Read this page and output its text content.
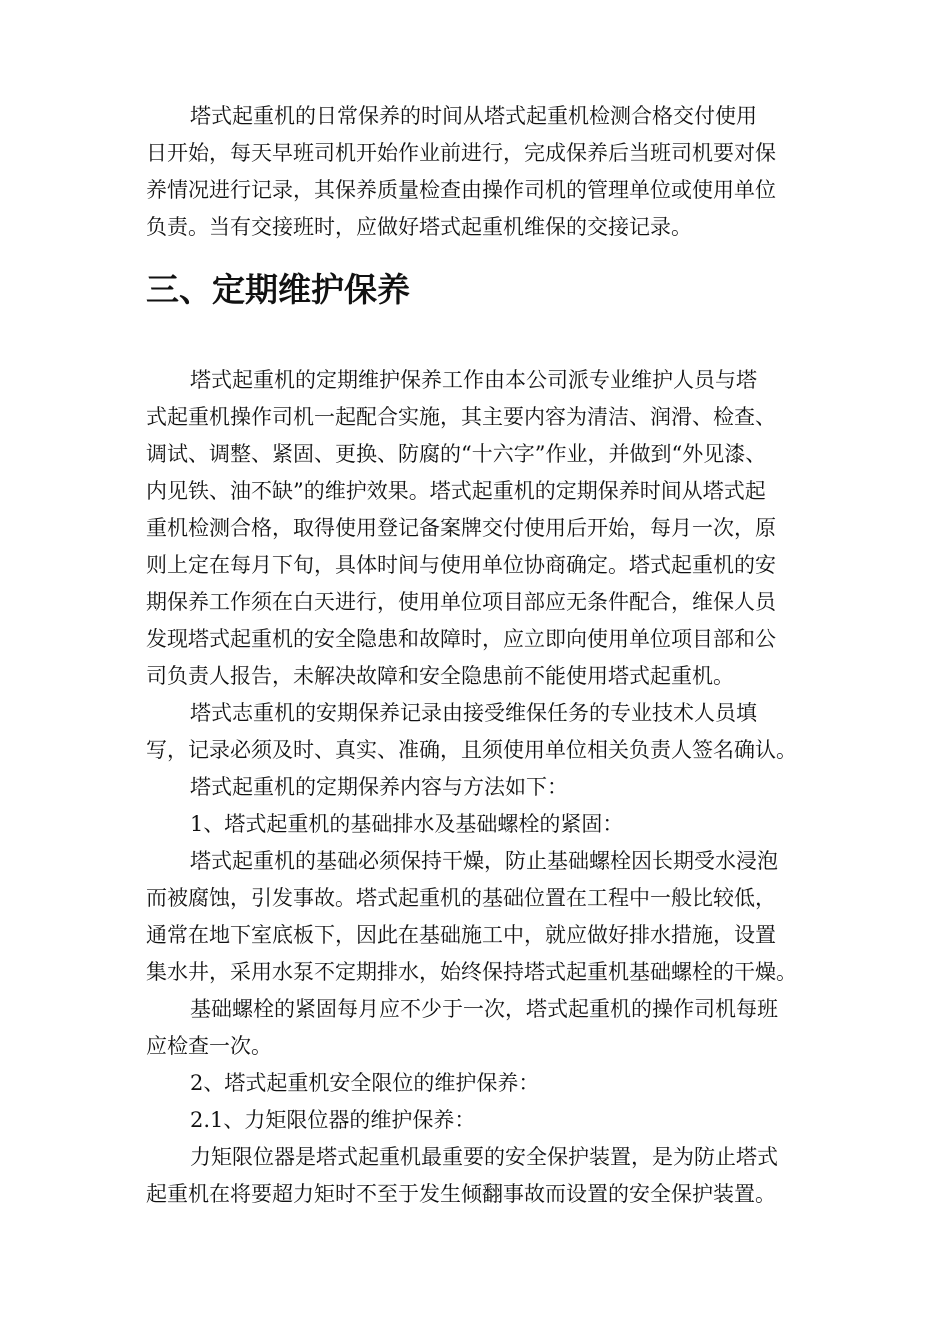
塔式起重机的日常保养的时间从塔式起重机检测合格交付使用
日开始，每天早班司机开始作业前进行，完成保养后当班司机要对保
养情况进行记录，其保养质量检查由操作司机的管理单位或使用单位
负责。当有交接班时，应做好塔式起重机维保的交接记录。
三、定期维护保养
塔式起重机的定期维护保养工作由本公司派专业维护人员与塔
式起重机操作司机一起配合实施，其主要内容为清洁、润滑、检查、
调试、调整、紧固、更换、防腐的“十六字”作业，并做到“外见漆、
内见铁、油不缺”的维护效果。塔式起重机的定期保养时间从塔式起
重机检测合格，取得使用登记备案牌交付使用后开始，每月一次，原
则上定在每月下旬，具体时间与使用单位协商确定。塔式起重机的安
期保养工作须在白天进行，使用单位项目部应无条件配合，维保人员
发现塔式起重机的安全隐患和故障时，应立即向使用单位项目部和公
司负责人报告，未解决故障和安全隐患前不能使用塔式起重机。
塔式志重机的安期保养记录由接受维保任务的专业技术人员填
写，记录必须及时、真实、准确，且须使用单位相关负责人签名确认。
塔式起重机的定期保养内容与方法如下：
1、塔式起重机的基础排水及基础螺栓的紧固：
塔式起重机的基础必须保持干燥，防止基础螺栓因长期受水浸泡
而被腐蚀，引发事故。塔式起重机的基础位置在工程中一般比较低，
通常在地下室底板下，因此在基础施工中，就应做好排水措施，设置
集水井，采用水泵不定期排水，始终保持塔式起重机基础螺栓的干燥。
基础螺栓的紧固每月应不少于一次，塔式起重机的操作司机每班
应检查一次。
2、塔式起重机安全限位的维护保养：
2.1、力矩限位器的维护保养：
力矩限位器是塔式起重机最重要的安全保护装置，是为防止塔式
起重机在将要超力矩时不至于发生倾翻事故而设置的安全保护装置。
